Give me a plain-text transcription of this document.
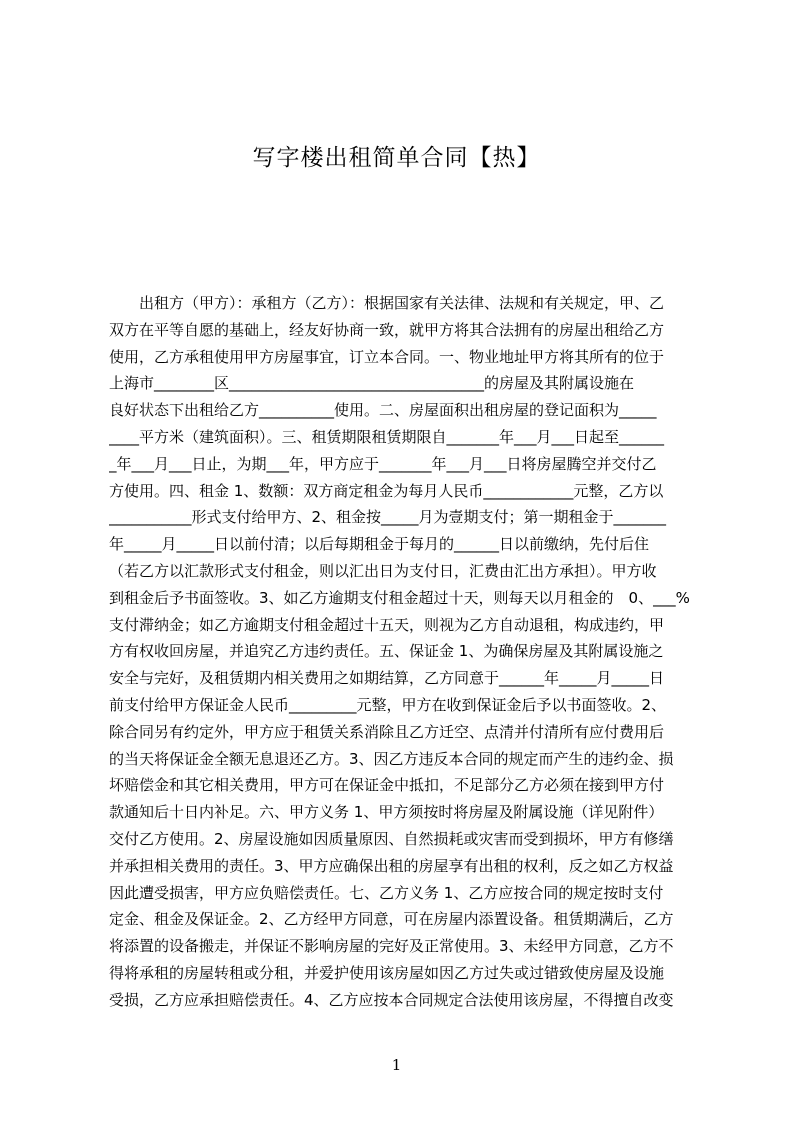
写字楼出租简单合同【热】
出租方（甲方）：承租方（乙方）：根据国家有关法律、法规和有关规定，甲、乙
双方在平等自愿的基础上，经友好协商一致，就甲方将其合法拥有的房屋出租给乙方
使用，乙方承租使用甲方房屋事宜，订立本合同。一、物业地址甲方将其所有的位于
上海市________区__________________________________的房屋及其附属设施在
良好状态下出租给乙方__________使用。二、房屋面积出租房屋的登记面积为_____
____平方米（建筑面积）。三、租赁期限租赁期限自_______年___月___日起至______
_年___月___日止，为期___年，甲方应于_______年___月___日将房屋腾空并交付乙
方使用。四、租金 1、数额：双方商定租金为每月人民币____________元整，乙方以
___________形式支付给甲方、2、租金按_____月为壹期支付；第一期租金于_______
年_____月_____日以前付清；以后每期租金于每月的______日以前缴纳，先付后住
（若乙方以汇款形式支付租金，则以汇出日为支付日，汇费由汇出方承担）。甲方收
到租金后予书面签收。3、如乙方逾期支付租金超过十天，则每天以月租金的　0、___%
支付滞纳金；如乙方逾期支付租金超过十五天，则视为乙方自动退租，构成违约，甲
方有权收回房屋，并追究乙方违约责任。五、保证金 1、为确保房屋及其附属设施之
安全与完好，及租赁期内相关费用之如期结算，乙方同意于______年_____月_____日
前支付给甲方保证金人民币_________元整，甲方在收到保证金后予以书面签收。2、
除合同另有约定外，甲方应于租赁关系消除且乙方迁空、点清并付清所有应付费用后
的当天将保证金全额无息退还乙方。3、因乙方违反本合同的规定而产生的违约金、损
坏赔偿金和其它相关费用，甲方可在保证金中抵扣，不足部分乙方必须在接到甲方付
款通知后十日内补足。六、甲方义务 1、甲方须按时将房屋及附属设施（详见附件）
交付乙方使用。2、房屋设施如因质量原因、自然损耗或灾害而受到损坏，甲方有修缮
并承担相关费用的责任。3、甲方应确保出租的房屋享有出租的权利，反之如乙方权益
因此遭受损害，甲方应负赔偿责任。七、乙方义务 1、乙方应按合同的规定按时支付
定金、租金及保证金。2、乙方经甲方同意，可在房屋内添置设备。租赁期满后，乙方
将添置的设备搬走，并保证不影响房屋的完好及正常使用。3、未经甲方同意，乙方不
得将承租的房屋转租或分租，并爱护使用该房屋如因乙方过失或过错致使房屋及设施
受损，乙方应承担赔偿责任。4、乙方应按本合同规定合法使用该房屋，不得擅自改变
1
